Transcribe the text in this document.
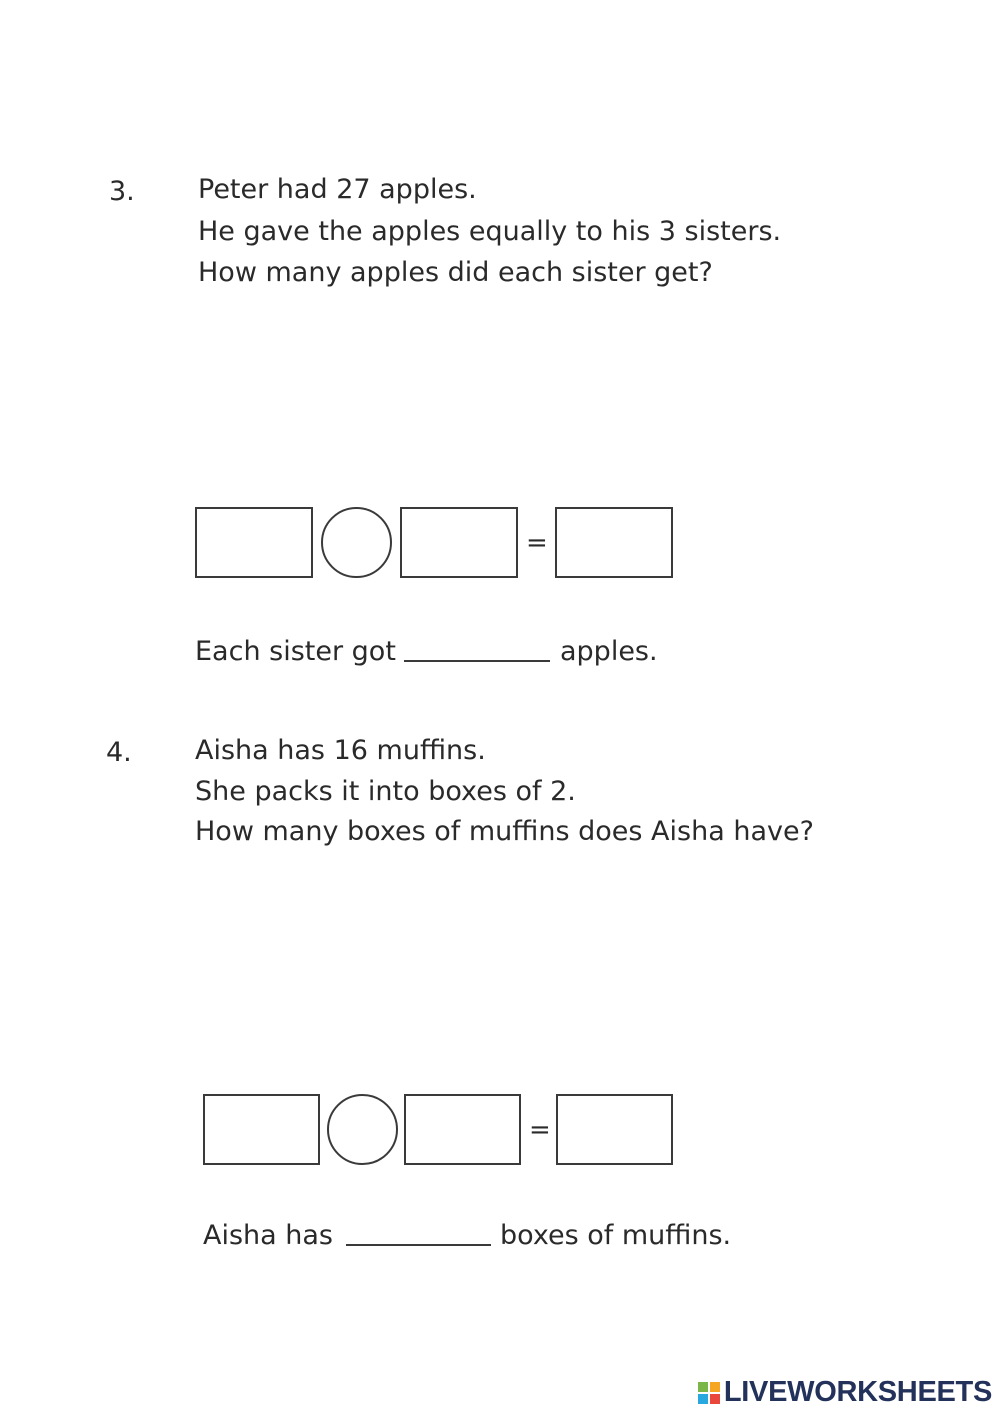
3. Peter had 27 apples.
He gave the apples equally to his 3 sisters.
How many apples did each sister get?
=
Each sister got	apples.
4. Aisha has 16 muffins.
She packs it into boxes of 2.
How many boxes of muffins does Aisha have?
=
Aisha has	boxes of muffins.
LIVEWORKSHEETS
